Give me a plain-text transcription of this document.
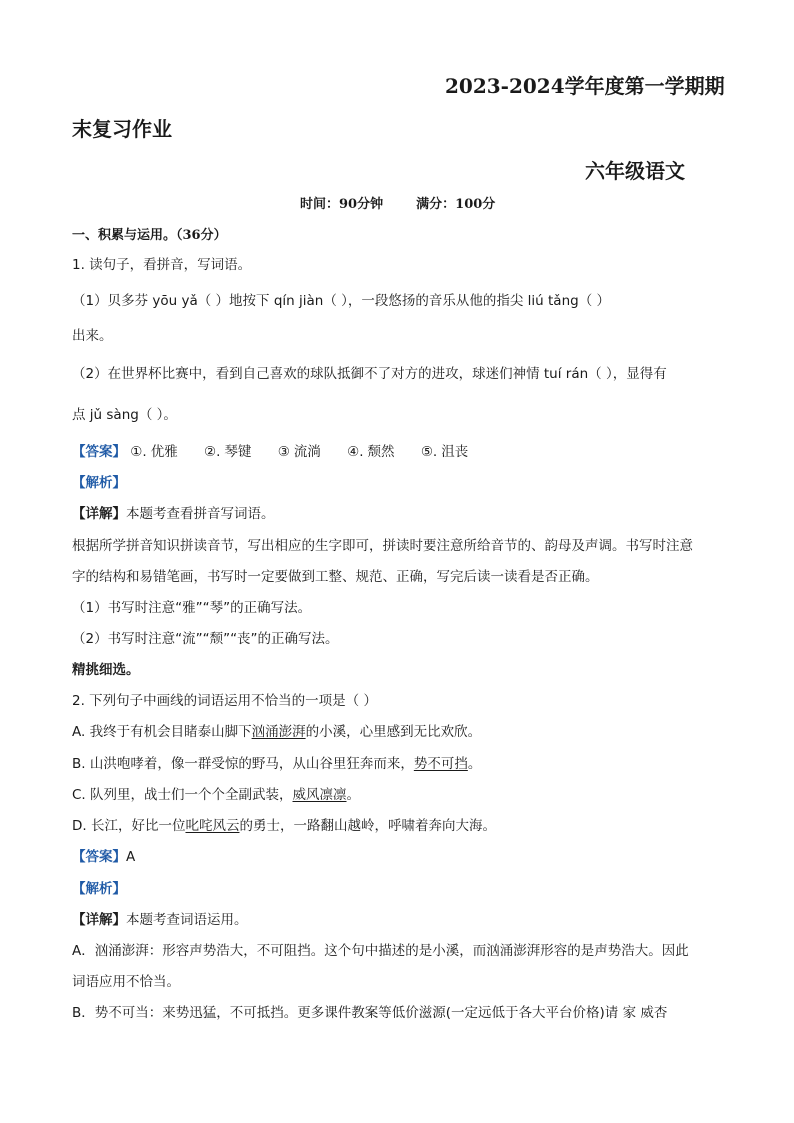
2023-2024学年度第一学期期
末复习作业
六年级语文
时间：90分钟	满分：100分
一、积累与运用。（36分）
1. 读句子，看拼音，写词语。
（1）贝多芬 yōu yǎ（ ）地按下 qín jiàn（ ），一段悠扬的音乐从他的指尖 liú tǎng（ ）
出来。
（2）在世界杯比赛中，看到自己喜欢的球队抵御不了对方的进攻，球迷们神情 tuí rán（ ），显得有
点 jǔ sàng（ ）。
【答案】 ①. 优雅 ②. 琴键 ③ 流淌 ④. 颓然 ⑤. 沮丧
【解析】
【详解】本题考查看拼音写词语。
根据所学拼音知识拼读音节，写出相应的生字即可，拼读时要注意所给音节的、韵母及声调。书写时注意
字的结构和易错笔画，书写时一定要做到工整、规范、正确，写完后读一读看是否正确。
（1）书写时注意“雅”“琴”的正确写法。
（2）书写时注意“流”“颓”“丧”的正确写法。
精挑细选。
2. 下列句子中画线的词语运用不恰当的一项是（ ）
A. 我终于有机会目睹泰山脚下汹涌澎湃的小溪，心里感到无比欢欣。
B. 山洪咆哮着，像一群受惊的野马，从山谷里狂奔而来，势不可挡。
C. 队列里，战士们一个个全副武装，威风凛凛。
D. 长江，好比一位叱咤风云的勇士，一路翻山越岭，呼啸着奔向大海。
【答案】A
【解析】
【详解】本题考查词语运用。
A．汹涌澎湃：形容声势浩大，不可阻挡。这个句中描述的是小溪，而汹涌澎湃形容的是声势浩大。因此
词语应用不恰当。
B．势不可当：来势迅猛，不可抵挡。更多课件教案等低价滋源(一定远低于各大平台价格)请 家 威杏
